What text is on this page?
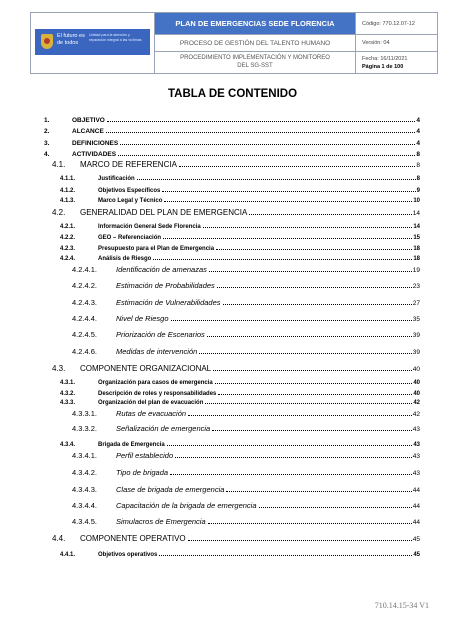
El futuro es de todos
Unidad para la atención y reparación integral a las víctimas
PLAN DE EMERGENCIAS SEDE FLORENCIA
PROCESO DE GESTIÓN DEL TALENTO HUMANO
PROCEDIMIENTO IMPLEMENTACIÓN Y MONITOREO
DEL SG-SST
Código: 770.12.07-12
Versión: 04
Fecha: 16/11/2021
Página 1 de 100
TABLA DE CONTENIDO
1.	OBJETIVO	4
2.	ALCANCE	4
3.	DEFINICIONES	4
4.	ACTIVIDADES	8
4.1.	MARCO DE REFERENCIA	8
4.1.1.	Justificación	8
4.1.2.	Objetivos Específicos	9
4.1.3.	Marco Legal y Técnico	10
4.2.	GENERALIDAD DEL PLAN DE EMERGENCIA	14
4.2.1.	Información General Sede Florencia	14
4.2.2.	GEO – Referenciación	15
4.2.3.	Presupuesto para el Plan de Emergencia	18
4.2.4.	Análisis de Riesgo	18
4.2.4.1.	Identificación de amenazas	19
4.2.4.2.	Estimación de Probabilidades	23
4.2.4.3.	Estimación de Vulnerabilidades	27
4.2.4.4.	Nivel de Riesgo	35
4.2.4.5.	Priorización de Escenarios	39
4.2.4.6.	Medidas de intervención	39
4.3.	COMPONENTE ORGANIZACIONAL	40
4.3.1.	Organización para casos de emergencia	40
4.3.2.	Descripción de roles y responsabilidades	40
4.3.3.	Organización del plan de evacuación	42
4.3.3.1.	Rutas de evacuación	42
4.3.3.2.	Señalización de emergencia	43
4.3.4.	Brigada de Emergencia	43
4.3.4.1.	Perfil establecido	43
4.3.4.2.	Tipo de brigada	43
4.3.4.3.	Clase de brigada de emergencia	44
4.3.4.4.	Capacitación de la brigada de emergencia	44
4.3.4.5.	Simulacros de Emergencia	44
4.4.	COMPONENTE OPERATIVO	45
4.4.1.	Objetivos operativos	45
710.14.15-34 V1
